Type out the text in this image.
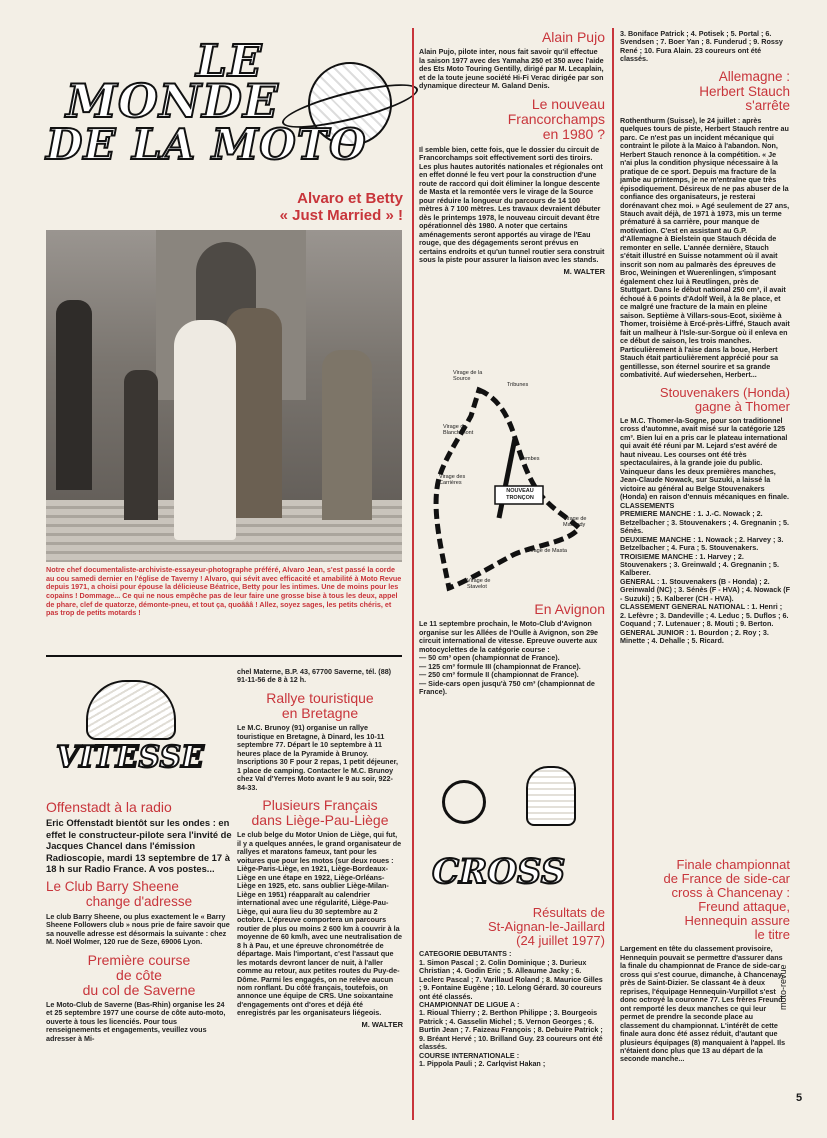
LE
MONDE
DE LA MOTO
Alvaro et Betty
« Just Married » !
Notre chef documentaliste-archiviste-essayeur-photographe préféré, Alvaro Jean, s'est passé la corde au cou samedi dernier en l'église de Taverny ! Alvaro, qui sévit avec efficacité et amabilité à Moto Revue depuis 1971, a choisi pour épouse la délicieuse Béatrice, Betty pour les intimes. Une de moins pour les copains ! Dommage... Ce qui ne nous empêche pas de leur faire une grosse bise à tous les deux, appel de phare, clef de quatorze, démonte-pneu, et tout ça, quoâââ ! Allez, soyez sages, les petits chéris, et pas trop de petits motards !
VITESSE
Offenstadt à la radio
Eric Offenstadt bientôt sur les ondes : en effet le constructeur-pilote sera l'invité de Jacques Chancel dans l'émission Radioscopie, mardi 13 septembre de 17 à 18 h sur Radio France. A vos postes...
Le Club Barry Sheene
change d'adresse
Le club Barry Sheene, ou plus exactement le « Barry Sheene Followers club » nous prie de faire savoir que sa nouvelle adresse est désormais la suivante : chez M. Noël Wolmer, 120 rue de Seze, 69006 Lyon.
Première course
de côte
du col de Saverne
Le Moto-Club de Saverne (Bas-Rhin) organise les 24 et 25 septembre 1977 une course de côte auto-moto, ouverte à tous les licenciés. Pour tous renseignements et engagements, veuillez vous adresser à Mi-
chel Materne, B.P. 43, 67700 Saverne, tél. (88) 91-11-56 de 8 à 12 h.
Rallye touristique
en Bretagne
Le M.C. Brunoy (91) organise un rallye touristique en Bretagne, à Dinard, les 10-11 septembre 77. Départ le 10 septembre à 11 heures place de la Pyramide à Brunoy. Inscriptions 30 F pour 2 repas, 1 petit déjeuner, 1 place de camping. Contacter le M.C. Brunoy chez Val d'Yerres Moto avant le 9 au soir, 922-84-33.
Plusieurs Français
dans Liège-Pau-Liège
Le club belge du Motor Union de Liège, qui fut, il y a quelques années, le grand organisateur de rallyes et maratons fameux, tant pour les voitures que pour les motos (sur deux roues : Liège-Paris-Liège, en 1921, Liège-Bordeaux-Liège en une étape en 1922, Liège-Orléans-Liège en 1925, etc. sans oublier Liège-Milan-Liège en 1951) réapparaît au calendrier international avec une régularité, Liège-Pau-Liège, qui aura lieu du 30 septembre au 2 octobre. L'épreuve comportera un parcours routier de plus ou moins 2 600 km à couvrir à la moyenne de 60 km/h, avec une neutralisation de 8 h à Pau, et une épreuve chronométrée de départage. Mais l'important, c'est l'assaut que les motards devront lancer de nuit, à l'aller comme au retour, aux petites routes du Puy-de-Dôme. Parmi les engagés, on ne relève aucun nom ronflant. Du côté français, toutefois, on annonce une équipe de CRS. Une soixantaine d'engagements ont d'ores et déjà été enregistrés par les organisateurs liégeois.
M. WALTER
Alain Pujo
Alain Pujo, pilote inter, nous fait savoir qu'il effectue la saison 1977 avec des Yamaha 250 et 350 avec l'aide des Ets Moto Touring Gentilly, dirigé par M. Lecaplain, et de la toute jeune société Hi-Fi Verac dirigée par son dynamique directeur M. Galand Denis.
Le nouveau
Francorchamps
en 1980 ?
Il semble bien, cette fois, que le dossier du circuit de Francorchamps soit effectivement sorti des tiroirs. Les plus hautes autorités nationales et régionales ont en effet donné le feu vert pour la construction d'une route de raccord qui doit éliminer la longue descente de Masta et la remontée vers le virage de la Source pour réduire la longueur du parcours de 14 100 mètres à 7 100 mètres. Les travaux devraient débuter dès le printemps 1978, le nouveau circuit devant être opérationnel dès 1980. A noter que certains aménagements seront apportés au virage de l'Eau rouge, que des dégagements seront prévus en certains endroits et qu'un tunnel routier sera construit sous la piste pour assurer la liaison avec les stands.
M. WALTER
Virage de la Source
Tribunes
Virage de Blanchimont
Combes
Virage des Carrières
NOUVEAU TRONÇON
Virage de Malmedy
Virage de Masta
Virage de Stavelot
En Avignon
Le 11 septembre prochain, le Moto-Club d'Avignon organise sur les Allées de l'Oulle à Avignon, son 29e circuit international de vitesse. Epreuve ouverte aux motocyclettes de la catégorie course :
— 50 cm³ open (championnat de France).
— 125 cm³ formule III (championnat de France).
— 250 cm³ formule II (championnat de France).
— Side-cars open jusqu'à 750 cm³ (championnat de France).
CROSS
Résultats de
St-Aignan-le-Jaillard
(24 juillet 1977)

CATEGORIE DEBUTANTS :

1. Simon Pascal ; 2. Colin Dominique ; 3. Durieux Christian ; 4. Godin Eric ; 5. Alleaume Jacky ; 6. Leclerc Pascal ; 7. Varillaud Roland ; 8. Maurice Gilles ; 9. Fontaine Eugène ; 10. Lelong Gérard. 30 coureurs ont été classés.

CHAMPIONNAT DE LIGUE A :

1. Rioual Thierry ; 2. Berthon Philippe ; 3. Bourgeois Patrick ; 4. Gasselin Michel ; 5. Vernon Georges ; 6. Burtin Jean ; 7. Faizeau François ; 8. Debuire Patrick ; 9. Bréant Hervé ; 10. Brilland Guy. 23 coureurs ont été classés.

COURSE INTERNATIONALE :

1. Pippola Pauli ; 2. Carlqvist Hakan ;

3. Boniface Patrick ; 4. Potisek ; 5. Portal ; 6. Svendsen ; 7. Boer Yan ; 8. Funderud ; 9. Rossy René ; 10. Fura Alain. 23 coureurs ont été classés.
Allemagne :
Herbert Stauch
s'arrête
Rothenthurm (Suisse), le 24 juillet : après quelques tours de piste, Herbert Stauch rentre au parc. Ce n'est pas un incident mécanique qui contraint le pilote à la Maico à l'abandon. Non, Herbert Stauch renonce à la compétition. « Je n'ai plus la condition physique nécessaire à la pratique de ce sport. Depuis ma fracture de la jambe au printemps, je ne m'entraîne que très épisodiquement. Désireux de ne pas abuser de la confiance des organisateurs, je resterai dorénavant chez moi. » Agé seulement de 27 ans, Stauch avait déjà, de 1971 à 1973, mis un terme prématuré à sa carrière, pour manque de motivation. C'est en assistant au G.P. d'Allemagne à Bielstein que Stauch décida de remonter en selle. L'année dernière, Stauch s'était illustré en Suisse notamment où il avait inscrit son nom au palmarès des épreuves de Broc, Weiningen et Wuerenlingen, s'imposant également chez lui à Reutlingen, près de Stuttgart. Dans le début national 250 cm³, il avait échoué à 6 points d'Adolf Weil, à la 8e place, et ce malgré une fracture de la main en pleine saison. Septième à Villars-sous-Ecot, sixième à Thomer, troisième à Ercé-près-Liffré, Stauch avait fait un malheur à l'Isle-sur-Sorgue où il enleva en ce début de saison, les trois manches. Particulièrement à l'aise dans la boue, Herbert Stauch était particulièrement apprécié pour sa gentillesse, son éternel sourire et sa grande combativité. Auf wiedersehen, Herbert...
Stouvenakers (Honda)
gagne à Thomer
Le M.C. Thomer-la-Sogne, pour son traditionnel cross d'automne, avait misé sur la catégorie 125 cm³. Bien lui en a pris car le plateau international qui avait été réuni par M. Lejard s'est avéré de haut niveau. Les courses ont été très spectaculaires, à la grande joie du public. Vainqueur dans les deux premières manches, Jean-Claude Nowack, sur Suzuki, a laissé la victoire au général au Belge Stouvenakers (Honda) en raison d'ennuis mécaniques en finale.

CLASSEMENTS

PREMIERE MANCHE : 1. J.-C. Nowack ; 2. Betzelbacher ; 3. Stouvenakers ; 4. Gregnanin ; 5. Sénès.

DEUXIEME MANCHE : 1. Nowack ; 2. Harvey ; 3. Betzelbacher ; 4. Fura ; 5. Stouvenakers.

TROISIEME MANCHE : 1. Harvey ; 2. Stouvenakers ; 3. Greinwald ; 4. Gregnanin ; 5. Kalberer.

GENERAL : 1. Stouvenakers (B - Honda) ; 2. Greinwald (NC) ; 3. Sénès (F - HVA) ; 4. Nowack (F - Suzuki) ; 5. Kalberer (CH - HVA).

CLASSEMENT GENERAL NATIONAL : 1. Henri ; 2. Lefèvre ; 3. Dandeville ; 4. Leduc ; 5. Duflos ; 6. Coquand ; 7. Lutenauer ; 8. Mouti ; 9. Berton.

GENERAL JUNIOR : 1. Bourdon ; 2. Roy ; 3. Minette ; 4. Dehalle ; 5. Ricard.

Finale championnat
de France de side-car
cross à Chancenay :
Freund attaque,
Hennequin assure
le titre
Largement en tête du classement provisoire, Hennequin pouvait se permettre d'assurer dans la finale du championnat de France de side-car cross qui s'est courue, dimanche, à Chancenay, près de Saint-Dizier. Se classant 4e à deux reprises, l'équipage Hennequin-Vurpillot s'est donc octroyé la couronne 77. Les frères Freund ont remporté les deux manches ce qui leur permet de prendre la seconde place au classement du championnat. L'intérêt de cette finale aura donc été assez réduit, d'autant que plusieurs équipages (8) manquaient à l'appel. Ils n'étaient donc plus que 13 au départ de la seconde manche...
moto-revue
5
